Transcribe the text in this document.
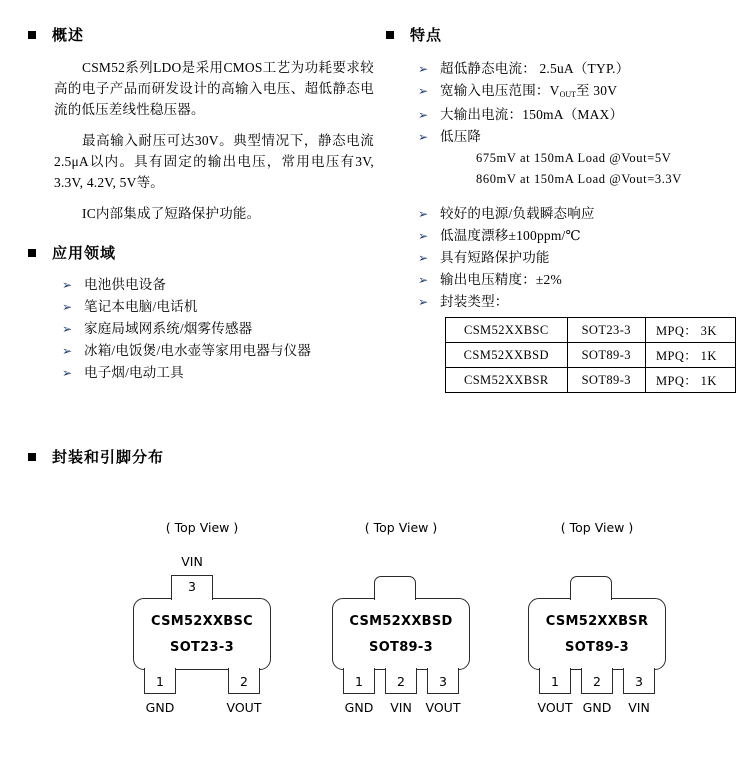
概述

CSM52系列LDO是采用CMOS工艺为功耗要求较高的电子产品而研发设计的高输入电压、超低静态电流的低压差线性稳压器。

最高输入耐压可达30V。典型情况下，静态电流2.5μA以内。具有固定的输出电压，常用电压有3V, 3.3V, 4.2V, 5V等。

IC内部集成了短路保护功能。

应用领域
➢ 电池供电设备
➢ 笔记本电脑/电话机
➢ 家庭局域网系统/烟雾传感器
➢ 冰箱/电饭煲/电水壶等家用电器与仪器
➢ 电子烟/电动工具
特点
➢ 超低静态电流： 2.5uA（TYP.）
➢ 宽输入电压范围：VOUT至 30V
➢ 大输出电流：150mA（MAX）
➢ 低压降
675mV at 150mA Load @Vout=5V
860mV at 150mA Load @Vout=3.3V
➢ 较好的电源/负载瞬态响应
➢ 低温度漂移±100ppm/℃
➢ 具有短路保护功能
➢ 输出电压精度：±2%
➢ 封装类型：
CSM52XXBSC	SOT23-3	MPQ： 3K
CSM52XXBSD	SOT89-3	MPQ： 1K
CSM52XXBSR	SOT89-3	MPQ： 1K
封装和引脚分布
( Top View )
VIN
3
CSM52XXBSC
SOT23-3
1	2
GND	VOUT
( Top View )
CSM52XXBSD
SOT89-3
1	2	3
GND	VIN	VOUT
( Top View )
CSM52XXBSR
SOT89-3
1	2	3
VOUT GND	VIN
